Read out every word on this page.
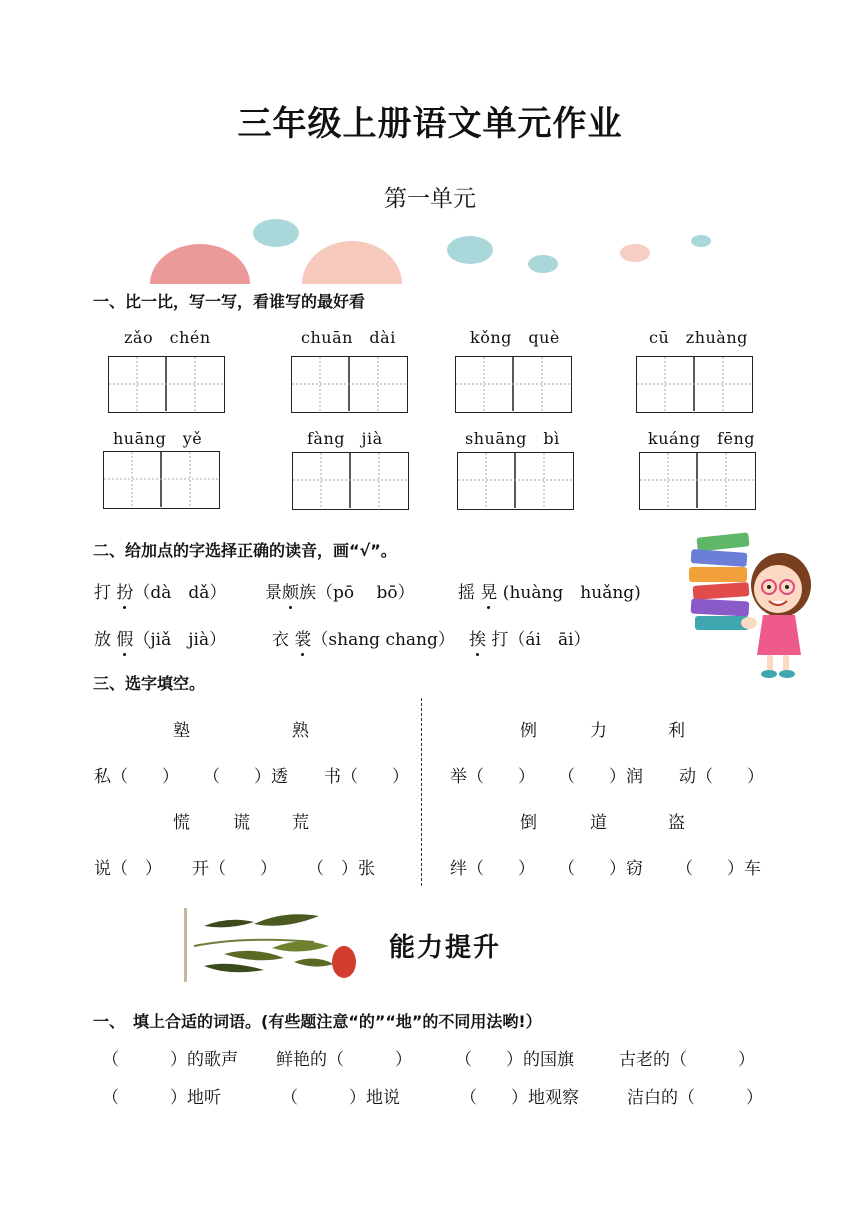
三年级上册语文单元作业
第一单元
一、比一比，写一写，看谁写的最好看
zǎo　chén	chuān　dài	kǒng　què	cū　zhuàng
huāng　yě	fàng　jià	shuāng　bì	kuáng　fēng
二、给加点的字选择正确的读音，画“√”。
打 扮（dà　dǎ） 景颇族（pō　 bō）	摇 晃 (huàng　huǎng)
放 假（jiǎ　jià）	衣 裳（shang chang） 挨 打（ái　āi）
三、选字填空。
塾	熟
私（　　） （　　）透 书（　　）
慌	谎 荒
说（　） 开（　　） （　）张
例	力	利
举（　　） （　　）润 动（　　）
倒	道	盗
绊（　　） （　　）窃 （　　）车
能力提升
一、　填上合适的词语。(有些题注意“的”“地”的不同用法哟!）
（　　　）的歌声 鲜艳的（　　　）	（　　）的国旗	古老的（　　　）
（　　　）地听	（　　　）地说	（　　）地观察	洁白的（　　　）
